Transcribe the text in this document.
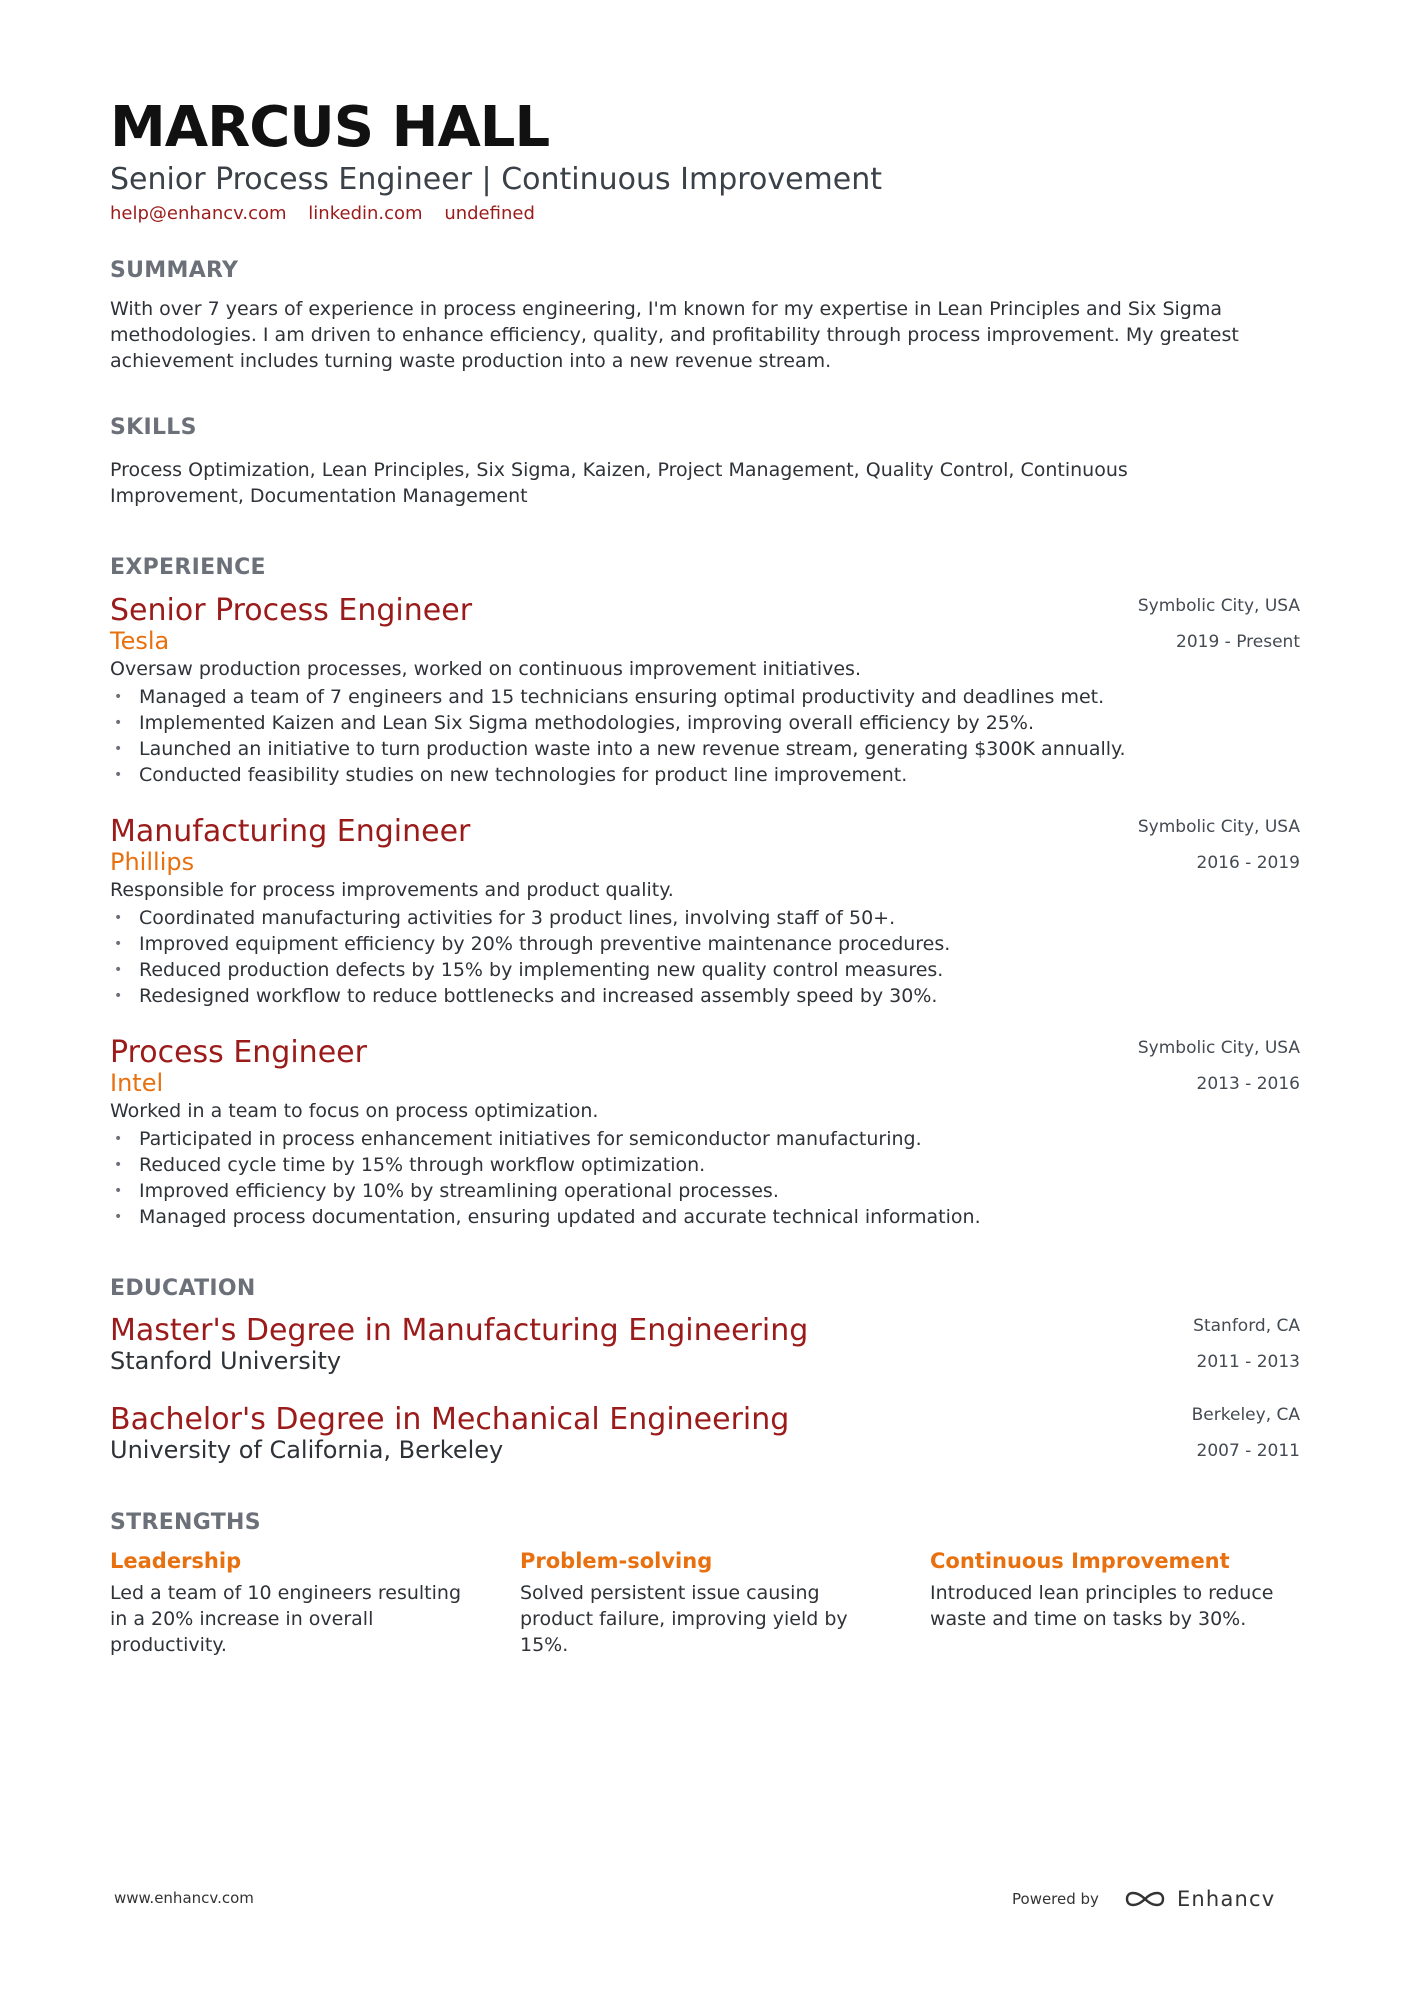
MARCUS HALL
Senior Process Engineer | Continuous Improvement
help@enhancv.com linkedin.com undefined
SUMMARY
With over 7 years of experience in process engineering, I'm known for my expertise in Lean Principles and Six Sigma methodologies. I am driven to enhance efficiency, quality, and profitability through process improvement. My greatest achievement includes turning waste production into a new revenue stream.
SKILLS
Process Optimization, Lean Principles, Six Sigma, Kaizen, Project Management, Quality Control, Continuous Improvement, Documentation Management
EXPERIENCE
Senior Process Engineer
Tesla
Symbolic City, USA
2019 - Present
Oversaw production processes, worked on continuous improvement initiatives.
• Managed a team of 7 engineers and 15 technicians ensuring optimal productivity and deadlines met.
• Implemented Kaizen and Lean Six Sigma methodologies, improving overall efficiency by 25%.
• Launched an initiative to turn production waste into a new revenue stream, generating $300K annually.
• Conducted feasibility studies on new technologies for product line improvement.
Manufacturing Engineer
Phillips
Symbolic City, USA
2016 - 2019
Responsible for process improvements and product quality.
• Coordinated manufacturing activities for 3 product lines, involving staff of 50+.
• Improved equipment efficiency by 20% through preventive maintenance procedures.
• Reduced production defects by 15% by implementing new quality control measures.
• Redesigned workflow to reduce bottlenecks and increased assembly speed by 30%.
Process Engineer
Intel
Symbolic City, USA
2013 - 2016
Worked in a team to focus on process optimization.
• Participated in process enhancement initiatives for semiconductor manufacturing.
• Reduced cycle time by 15% through workflow optimization.
• Improved efficiency by 10% by streamlining operational processes.
• Managed process documentation, ensuring updated and accurate technical information.
EDUCATION
Master's Degree in Manufacturing Engineering
Stanford University
Stanford, CA
2011 - 2013
Bachelor's Degree in Mechanical Engineering
University of California, Berkeley
Berkeley, CA
2007 - 2011
STRENGTHS
Leadership
Led a team of 10 engineers resulting in a 20% increase in overall productivity.
Problem-solving
Solved persistent issue causing product failure, improving yield by 15%.
Continuous Improvement
Introduced lean principles to reduce waste and time on tasks by 30%.
www.enhancv.com	Powered by	Enhancv
